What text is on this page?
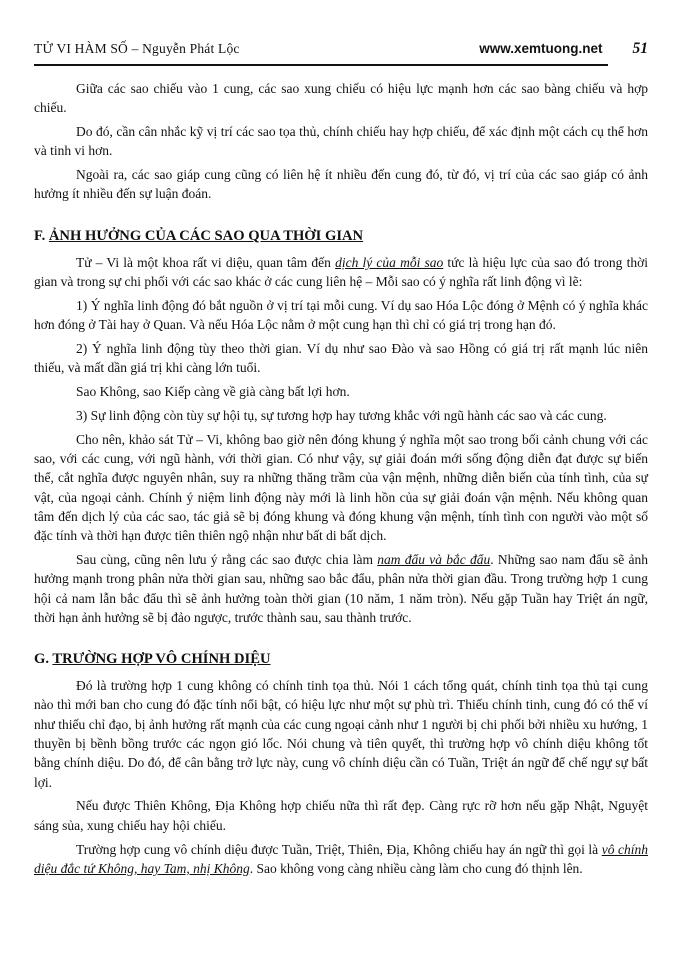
TỬ VI HÀM SỐ – Nguyễn Phát Lộc	www.xemtuong.net 51

Giữa các sao chiếu vào 1 cung, các sao xung chiếu có hiệu lực mạnh hơn các sao bàng chiếu và hợp chiếu.

Do đó, cần cân nhắc kỹ vị trí các sao tọa thủ, chính chiếu hay hợp chiếu, để xác định một cách cụ thể hơn và tinh vi hơn.

Ngoài ra, các sao giáp cung cũng có liên hệ ít nhiều đến cung đó, từ đó, vị trí của các sao giáp có ảnh hưởng ít nhiều đến sự luận đoán.

F. ẢNH HƯỞNG CỦA CÁC SAO QUA THỜI GIAN

Tử – Vi là một khoa rất vi diệu, quan tâm đến dịch lý của mỗi sao tức là hiệu lực của sao đó trong thời gian và trong sự chi phối với các sao khác ở các cung liên hệ – Mỗi sao có ý nghĩa rất linh động vì lẽ:

1) Ý nghĩa linh động đó bắt nguồn ở vị trí tại mỗi cung. Ví dụ sao Hóa Lộc đóng ở Mệnh có ý nghĩa khác hơn đóng ở Tài hay ở Quan. Và nếu Hóa Lộc nằm ở một cung hạn thì chỉ có giá trị trong hạn đó.

2) Ý nghĩa linh động tùy theo thời gian. Ví dụ như sao Đào và sao Hồng có giá trị rất mạnh lúc niên thiếu, và mất dần giá trị khi càng lớn tuổi.

Sao Không, sao Kiếp càng về già càng bất lợi hơn.

3) Sự linh động còn tùy sự hội tụ, sự tương hợp hay tương khắc với ngũ hành các sao và các cung.

Cho nên, khảo sát Tử – Vi, không bao giờ nên đóng khung ý nghĩa một sao trong bối cảnh chung với các sao, với các cung, với ngũ hành, với thời gian. Có như vậy, sự giải đoán mới sống động diễn đạt được sự biến thể, cắt nghĩa được nguyên nhân, suy ra những thăng trầm của vận mệnh, những diễn biến của tính tình, của sự vật, của ngoại cảnh. Chính ý niệm linh động này mới là linh hồn của sự giải đoán vận mệnh. Nếu không quan tâm đến dịch lý của các sao, tác giả sẽ bị đóng khung và đóng khung vận mệnh, tính tình con người vào một số đặc tính và thời hạn được tiên thiên ngộ nhận như bất di bất dịch.

Sau cùng, cũng nên lưu ý rằng các sao được chia làm nam đẩu và bắc đẩu. Những sao nam đẩu sẽ ảnh hưởng mạnh trong phân nửa thời gian sau, những sao bắc đẩu, phân nửa thời gian đầu. Trong trường hợp 1 cung hội cả nam lẫn bắc đẩu thì sẽ ảnh hưởng toàn thời gian (10 năm, 1 năm tròn). Nếu gặp Tuần hay Triệt án ngữ, thời hạn ảnh hưởng sẽ bị đảo ngược, trước thành sau, sau thành trước.

G. TRƯỜNG HỢP VÔ CHÍNH DIỆU

Đó là trường hợp 1 cung không có chính tinh tọa thủ. Nói 1 cách tổng quát, chính tinh tọa thủ tại cung nào thì mới ban cho cung đó đặc tính nổi bật, có hiệu lực như một sự phù trì. Thiếu chính tinh, cung đó có thể ví như thiếu chỉ đạo, bị ảnh hưởng rất mạnh của các cung ngoại cảnh như 1 người bị chi phối bởi nhiều xu hướng, 1 thuyền bị bềnh bồng trước các ngọn gió lốc. Nói chung và tiên quyết, thì trường hợp vô chính diệu không tốt bằng chính diệu. Do đó, để cân bằng trở lực này, cung vô chính diệu cần có Tuần, Triệt án ngữ để chế ngự sự bất lợi.

Nếu được Thiên Không, Địa Không hợp chiếu nữa thì rất đẹp. Càng rực rỡ hơn nếu gặp Nhật, Nguyệt sáng sủa, xung chiếu hay hội chiếu.

Trường hợp cung vô chính diệu được Tuần, Triệt, Thiên, Địa, Không chiếu hay án ngữ thì gọi là vô chính diệu đắc tứ Không, hay Tam, nhị Không. Sao không vong càng nhiều càng làm cho cung đó thịnh lên.
